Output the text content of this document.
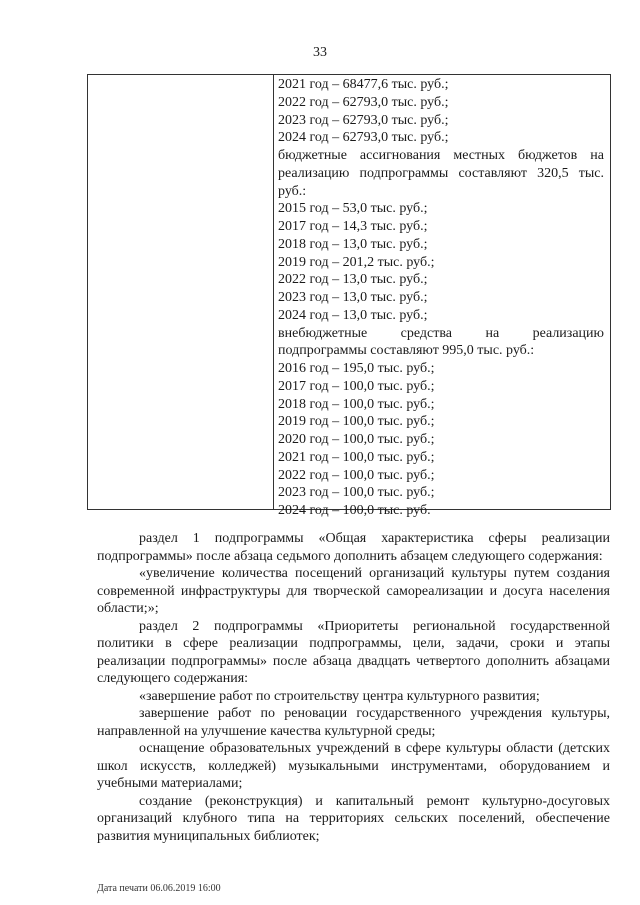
33
2021 год – 68477,6 тыс. руб.;
2022 год – 62793,0 тыс. руб.;
2023 год – 62793,0 тыс. руб.;
2024 год – 62793,0 тыс. руб.;
бюджетные ассигнования местных бюджетов на реализацию подпрограммы составляют 320,5 тыс. руб.:
2015 год – 53,0 тыс. руб.;
2017 год – 14,3 тыс. руб.;
2018 год – 13,0 тыс. руб.;
2019 год – 201,2 тыс. руб.;
2022 год – 13,0 тыс. руб.;
2023 год – 13,0 тыс. руб.;
2024 год – 13,0 тыс. руб.;
внебюджетные средства на реализацию подпрограммы составляют 995,0 тыс. руб.:
2016 год – 195,0 тыс. руб.;
2017 год – 100,0 тыс. руб.;
2018 год – 100,0 тыс. руб.;
2019 год – 100,0 тыс. руб.;
2020 год – 100,0 тыс. руб.;
2021 год – 100,0 тыс. руб.;
2022 год – 100,0 тыс. руб.;
2023 год – 100,0 тыс. руб.;
2024 год – 100,0 тыс. руб.

раздел 1 подпрограммы «Общая характеристика сферы реализации подпрограммы» после абзаца седьмого дополнить абзацем следующего содержания:

«увеличение количества посещений организаций культуры путем создания современной инфраструктуры для творческой самореализации и досуга населения области;»;

раздел 2 подпрограммы «Приоритеты региональной государственной политики в сфере реализации подпрограммы, цели, задачи, сроки и этапы реализации подпрограммы» после абзаца двадцать четвертого дополнить абзацами следующего содержания:

«завершение работ по строительству центра культурного развития;

завершение работ по реновации государственного учреждения культуры, направленной на улучшение качества культурной среды;

оснащение образовательных учреждений в сфере культуры области (детских школ искусств, колледжей) музыкальными инструментами, оборудованием и учебными материалами;

создание (реконструкция) и капитальный ремонт культурно-досуговых организаций клубного типа на территориях сельских поселений, обеспечение развития муниципальных библиотек;

Дата печати 06.06.2019 16:00
